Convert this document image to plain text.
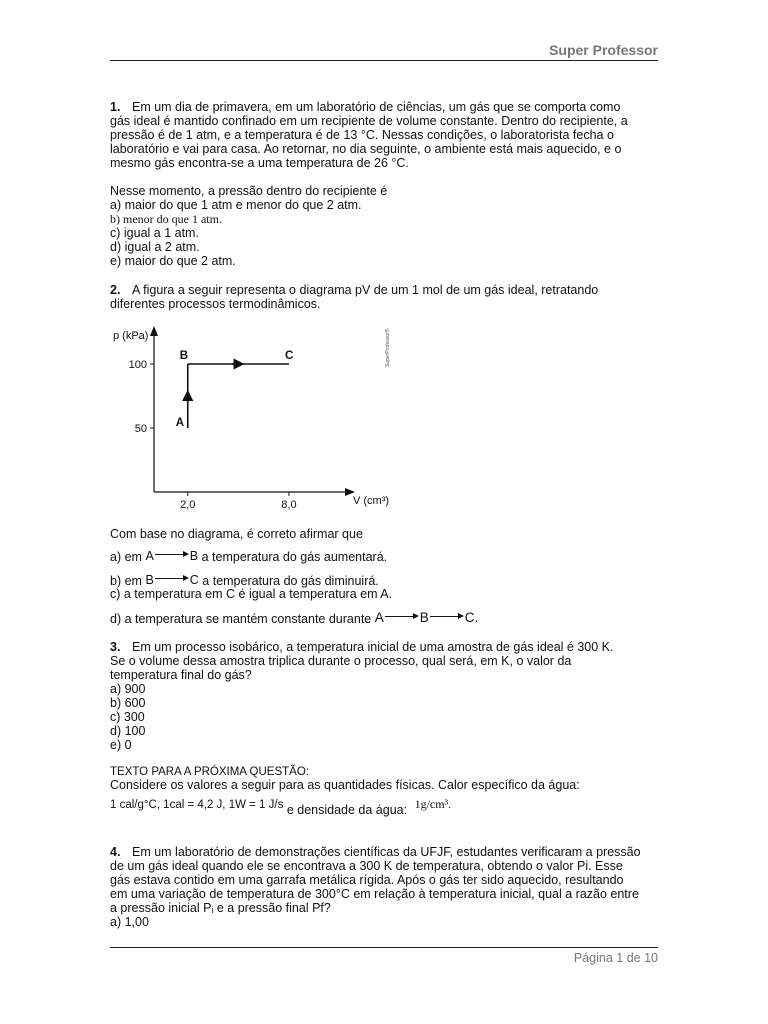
Super Professor
1. Em um dia de primavera, em um laboratório de ciências, um gás que se comporta como
gás ideal é mantido confinado em um recipiente de volume constante. Dentro do recipiente, a
pressão é de 1 atm, e a temperatura é de 13 °C. Nessas condições, o laboratorista fecha o
laboratório e vai para casa. Ao retornar, no dia seguinte, o ambiente está mais aquecido, e o
mesmo gás encontra-se a uma temperatura de 26 °C.
Nesse momento, a pressão dentro do recipiente é
a) maior do que 1 atm e menor do que 2 atm.
b) menor do que 1 atm.
c) igual a 1 atm.
d) igual a 2 atm.
e) maior do que 2 atm.
2. A figura a seguir representa o diagrama pV de um 1 mol de um gás ideal, retratando
diferentes processos termodinâmicos.
p (kPa)
V (cm³)
2,0	8,0
100
50 A
B	C	SuperProfessor®
Com base no diagrama, é correto afirmar que
a) em A	B a temperatura do gás aumentará.
b) em B	C a temperatura do gás diminuirá.
c) a temperatura em C é igual a temperatura em A.
d) a temperatura se mantém constante durante A	B	C.
3. Em um processo isobárico, a temperatura inicial de uma amostra de gás ideal é 300 K.
Se o volume dessa amostra triplica durante o processo, qual será, em K, o valor da
temperatura final do gás?
a) 900
b) 600
c) 300
d) 100
e) 0
TEXTO PARA A PRÓXIMA QUESTÃO:
Considere os valores a seguir para as quantidades físicas. Calor específico da água:
1 cal/g°C, 1cal = 4,2 J, 1W = 1 J/s e densidade da água: 1g/cm³.
4. Em um laboratório de demonstrações científicas da UFJF, estudantes verificaram a pressão
de um gás ideal quando ele se encontrava a 300 K de temperatura, obtendo o valor Pi. Esse
gás estava contido em uma garrafa metálica rígida. Após o gás ter sido aquecido, resultando
em uma variação de temperatura de 300°C em relação à temperatura inicial, qual a razão entre
a pressão inicial Pᵢ e a pressão final Pf?
a) 1,00
Página 1 de 10
